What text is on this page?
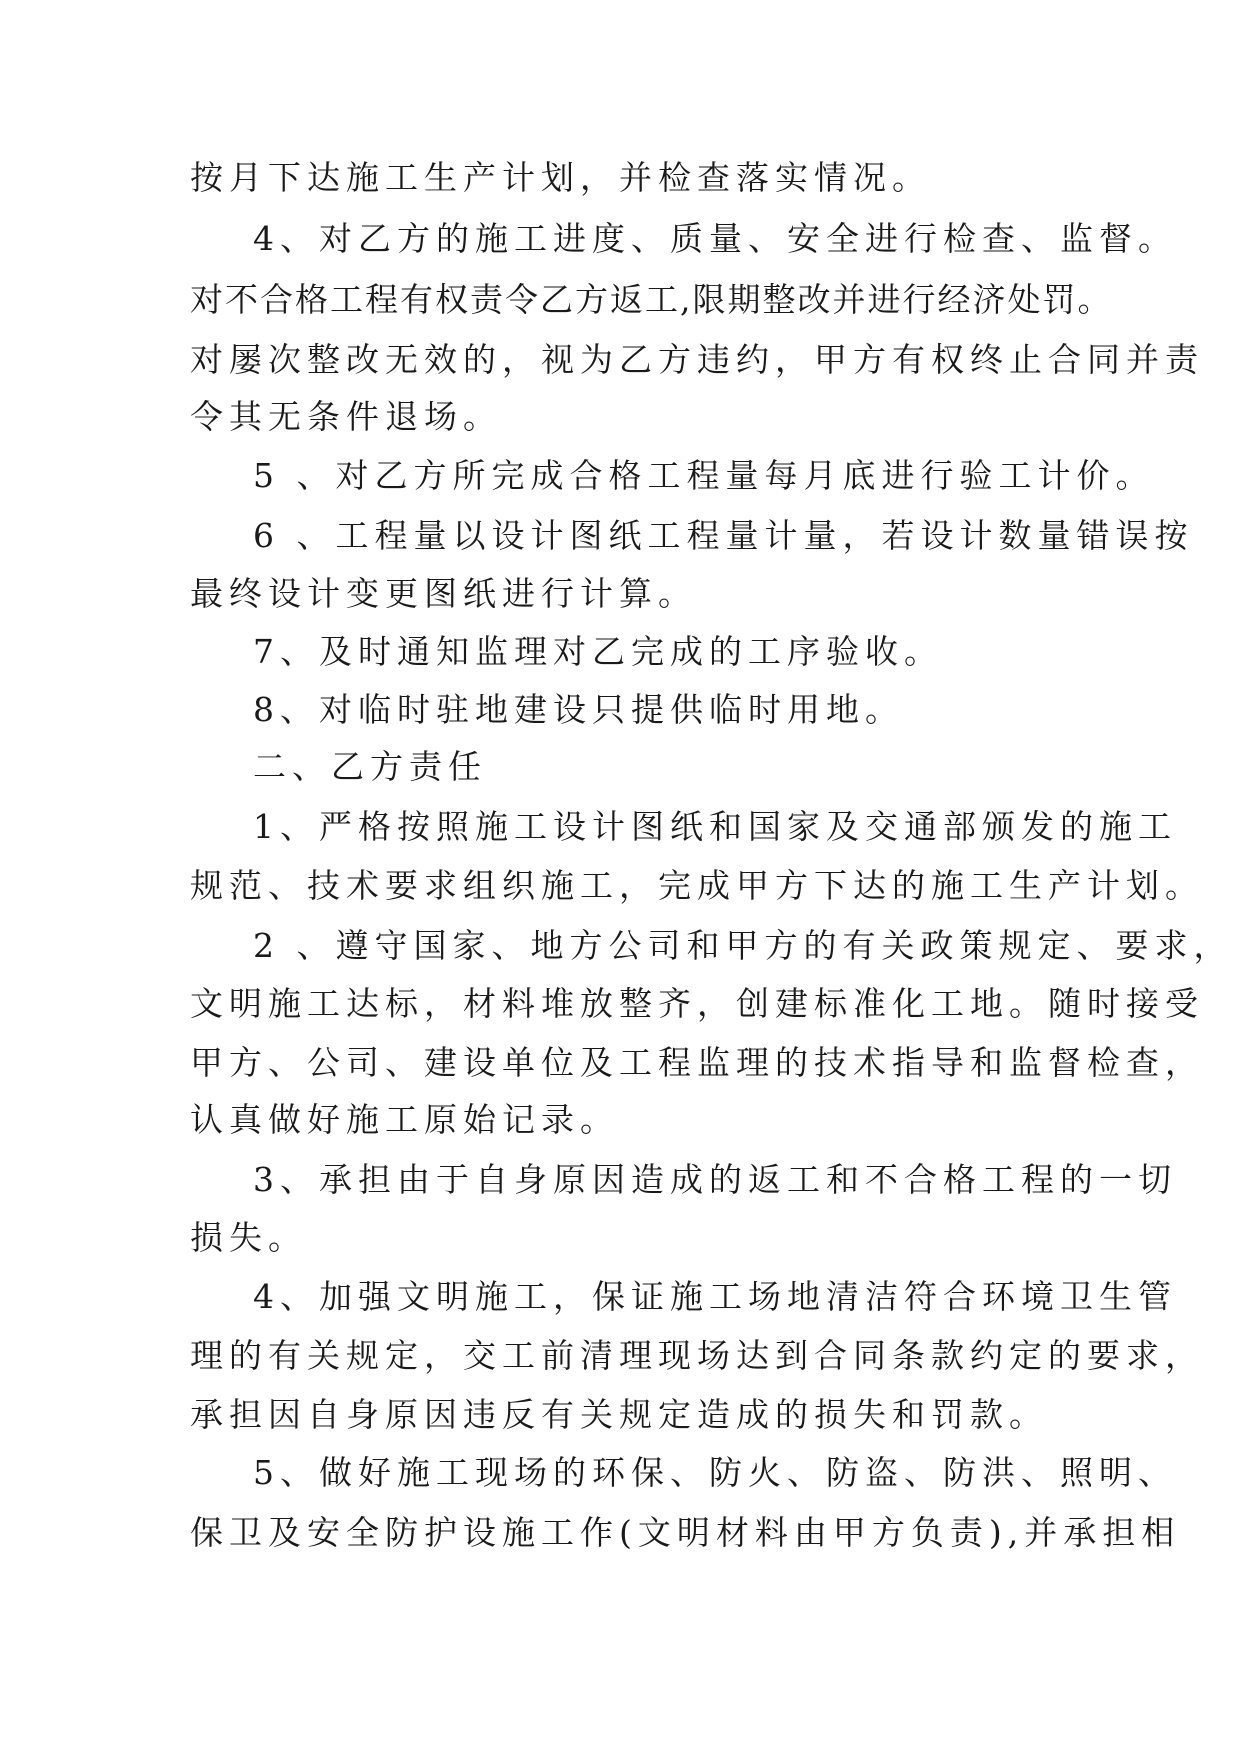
按月下达施工生产计划，并检查落实情况。
4、对乙方的施工进度、质量、安全进行检查、监督。
对不合格工程有权责令乙方返工,限期整改并进行经济处罚。
对屡次整改无效的，视为乙方违约，甲方有权终止合同并责
令其无条件退场。
5 、对乙方所完成合格工程量每月底进行验工计价。
6 、工程量以设计图纸工程量计量，若设计数量错误按
最终设计变更图纸进行计算。
7、及时通知监理对乙完成的工序验收。
8、对临时驻地建设只提供临时用地。
二、乙方责任
1、严格按照施工设计图纸和国家及交通部颁发的施工
规范、技术要求组织施工，完成甲方下达的施工生产计划。
2 、遵守国家、地方公司和甲方的有关政策规定、要求，
文明施工达标，材料堆放整齐，创建标准化工地。随时接受
甲方、公司、建设单位及工程监理的技术指导和监督检查，
认真做好施工原始记录。
3、承担由于自身原因造成的返工和不合格工程的一切
损失。
4、加强文明施工，保证施工场地清洁符合环境卫生管
理的有关规定，交工前清理现场达到合同条款约定的要求，
承担因自身原因违反有关规定造成的损失和罚款。
5、做好施工现场的环保、防火、防盗、防洪、照明、
保卫及安全防护设施工作(文明材料由甲方负责),并承担相
